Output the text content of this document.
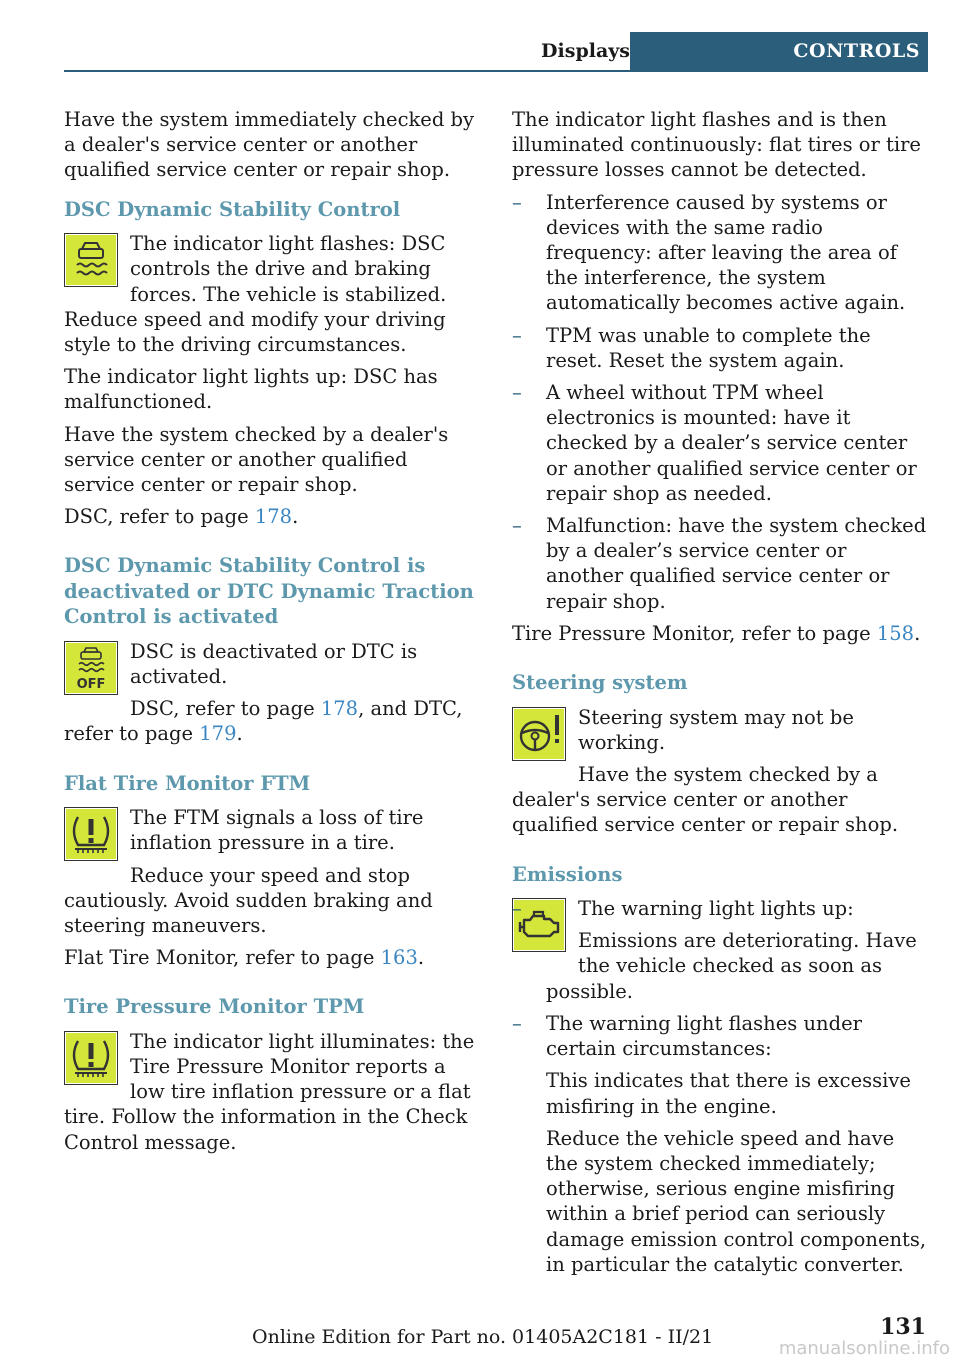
Displays	CONTROLS

Have the system immediately checked by a dealer's service center or another qualified service center or repair shop.

DSC Dynamic Stability Control

The indicator light flashes: DSC controls the drive and braking forces. The vehicle is stabilized. Reduce speed and modify your driving style to the driving circumstances.

The indicator light lights up: DSC has malfunctioned.

Have the system checked by a dealer's service center or another qualified service center or repair shop.

DSC, refer to page 178.

DSC Dynamic Stability Control is deactivated or DTC Dynamic Traction Control is activated
OFF

DSC is deactivated or DTC is activated.

DSC, refer to page 178, and DTC, refer to page 179.

Flat Tire Monitor FTM

The FTM signals a loss of tire inflation pressure in a tire.

Reduce your speed and stop cautiously. Avoid sudden braking and steering maneuvers.

Flat Tire Monitor, refer to page 163.

Tire Pressure Monitor TPM

The indicator light illuminates: the Tire Pressure Monitor reports a low tire inflation pressure or a flat tire. Follow the information in the Check Control message.

The indicator light flashes and is then illuminated continuously: flat tires or tire pressure losses cannot be detected.

– Interference caused by systems or devices with the same radio frequency: after leaving the area of the interference, the system automatically becomes active again.
– TPM was unable to complete the reset. Reset the system again.
– A wheel without TPM wheel electronics is mounted: have it checked by a dealer’s service center or another qualified service center or repair shop as needed.
– Malfunction: have the system checked by a dealer’s service center or another qualified service center or repair shop.

Tire Pressure Monitor, refer to page 158.

Steering system

Steering system may not be working.

Have the system checked by a dealer's service center or another qualified service center or repair shop.

Emissions
– The warning light lights up:
Emissions are deteriorating. Have the vehicle checked as soon as possible.
– The warning light flashes under certain circumstances:
This indicates that there is excessive misfiring in the engine.
Reduce the vehicle speed and have the system checked immediately; otherwise, serious engine misfiring within a brief period can seriously damage emission control components, in particular the catalytic converter.
131
Online Edition for Part no. 01405A2C181 - II/21
manualsonline.info
